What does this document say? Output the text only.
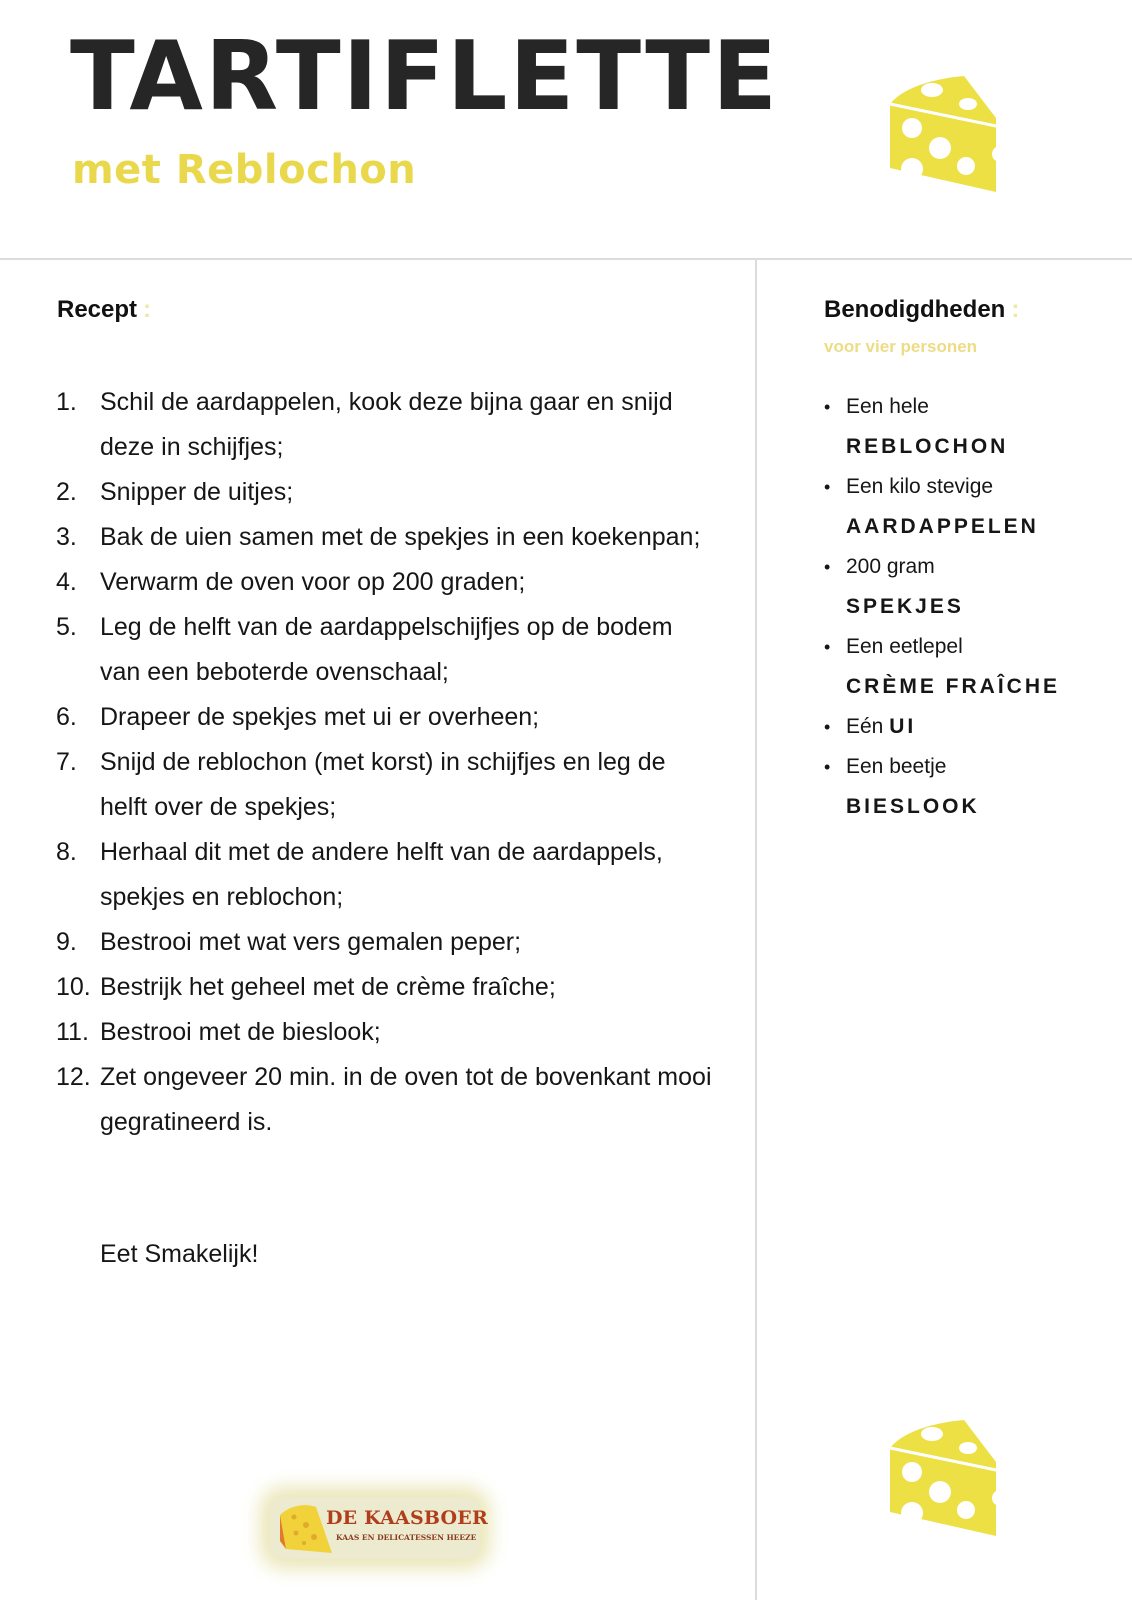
TARTIFLETTE
met Reblochon
Recept :
1. Schil de aardappelen, kook deze bijna gaar en snijd deze in schijfjes;
2. Snipper de uitjes;
3. Bak de uien samen met de spekjes in een koekenpan;
4. Verwarm de oven voor op 200 graden;
5. Leg de helft van de aardappelschijfjes op de bodem van een beboterde ovenschaal;
6. Drapeer de spekjes met ui er overheen;
7. Snijd de reblochon (met korst) in schijfjes en leg de helft over de spekjes;
8. Herhaal dit met de andere helft van de aardappels, spekjes en reblochon;
9. Bestrooi met wat vers gemalen peper;
10. Bestrijk het geheel met de crème fraîche;
11. Bestrooi met de bieslook;
12. Zet ongeveer 20 min. in de oven tot de bovenkant mooi gegratineerd is.
Eet Smakelijk!
Benodigdheden :
voor vier personen
• Een hele
REBLOCHON
• Een kilo stevige
AARDAPPELEN
• 200 gram
SPEKJES
• Een eetlepel
CRÈME FRAÎCHE
• Eén UI
• Een beetje
BIESLOOK
DE KAASBOER
KAAS EN DELICATESSEN HEEZE
